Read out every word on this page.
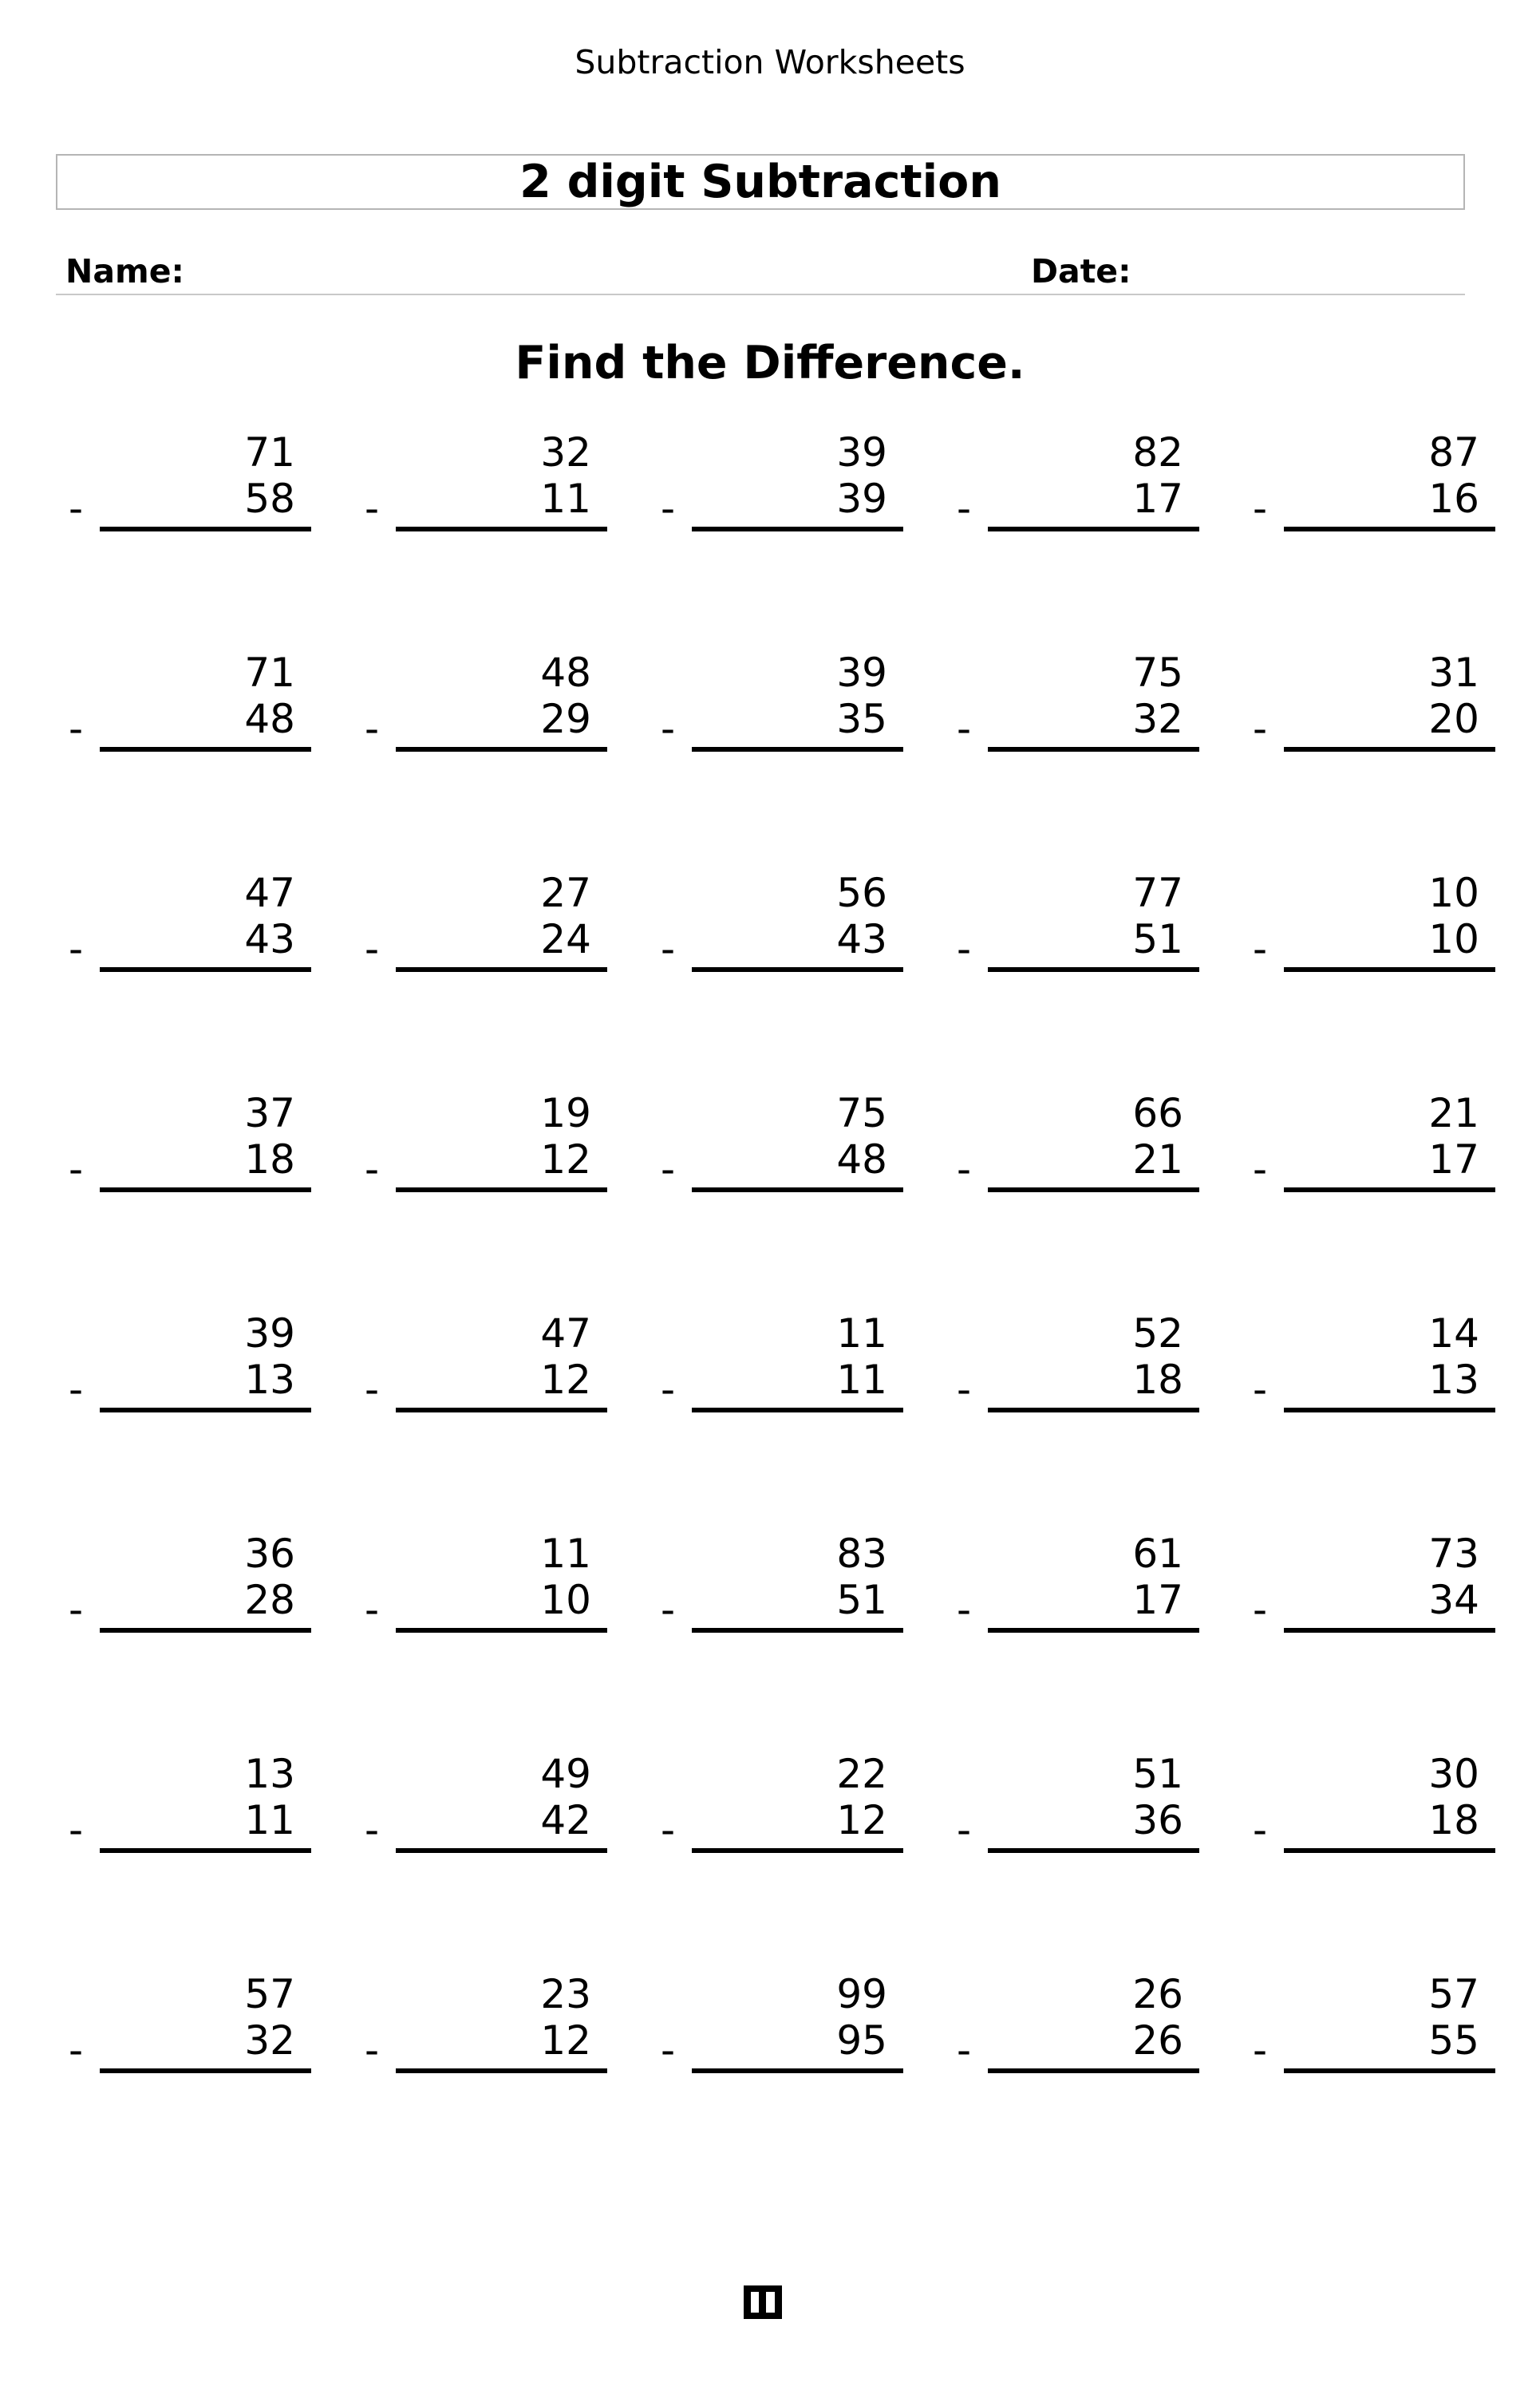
Subtraction Worksheets
2 digit Subtraction
Name:	Date:
Find the Difference.
71
-	58
32
-	11
39
-	39
82
-	17
87
-	16
71
-	48
48
-	29
39
-	35
75
-	32
31
-	20
47
-	43
27
-	24
56
-	43
77
-	51
10
-	10
37
-	18
19
-	12
75
-	48
66
-	21
21
-	17
39
-	13
47
-	12
11
-	11
52
-	18
14
-	13
36
-	28
11
-	10
83
-	51
61
-	17
73
-	34
13
-	11
49
-	42
22
-	12
51
-	36
30
-	18
57
-	32
23
-	12
99
-	95
26
-	26
57
-	55
